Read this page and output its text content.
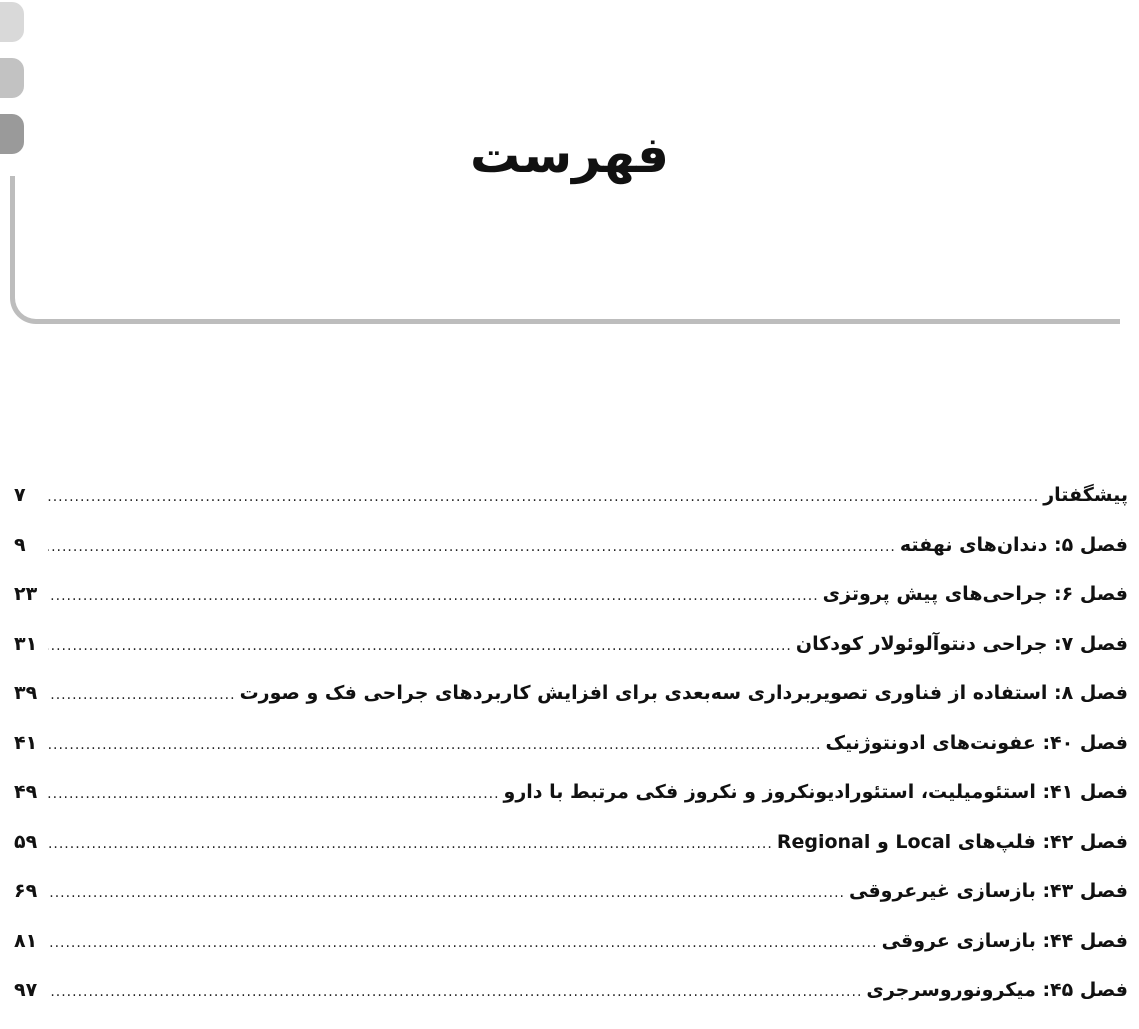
فهرست
پیشگفتار
.....
۷
فصل ۵: دندان‌های نهفته
.....
۹
فصل ۶: جراحی‌های پیش پروتزی
.....
۲۳
فصل ۷: جراحی دنتوآلوئولار کودکان
.....
۳۱
فصل ۸: استفاده از فناوری تصویربرداری سه‌بعدی برای افزایش کاربردهای جراحی فک و صورت
.....
۳۹
فصل ۴۰: عفونت‌های ادونتوژنیک
.....
۴۱
فصل ۴۱: استئومیلیت، استئورادیونکروز و نکروز فکی مرتبط با دارو
.....
۴۹
فصل ۴۲: فلپ‌های Local و Regional
.....
۵۹
فصل ۴۳: بازسازی غیرعروقی
.....
۶۹
فصل ۴۴: بازسازی عروقی
.....
۸۱
فصل ۴۵: میکرونوروسرجری
.....
۹۷
